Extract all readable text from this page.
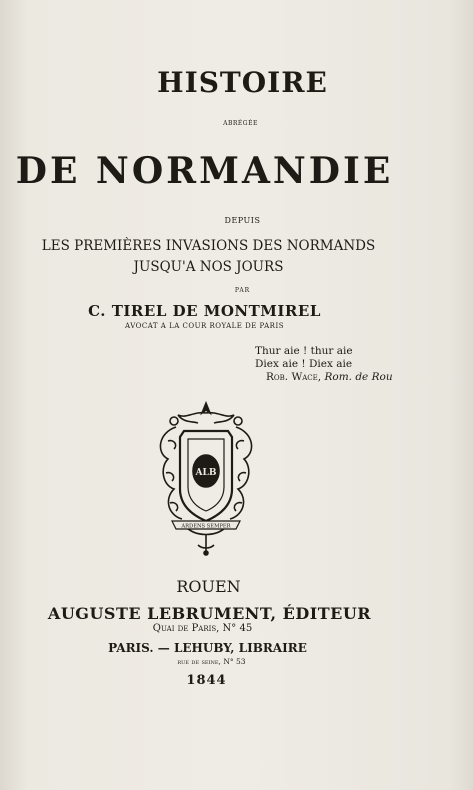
HISTOIRE
abrégée
DE NORMANDIE
DEPUIS
LES PREMIÈRES INVASIONS DES NORMANDS
JUSQU'A NOS JOURS
PAR
C. TIREL DE MONTMIREL
AVOCAT A LA COUR ROYALE DE PARIS
Thur aie ! thur aie
Diex aie ! Diex aie
Rob. Wace, Rom. de Rou
ARDENS SEMPER
ALB
ROUEN
AUGUSTE LEBRUMENT, ÉDITEUR
Quai de Paris, N° 45
PARIS. — LEHUBY, LIBRAIRE
rue de seine, N° 53
1844
